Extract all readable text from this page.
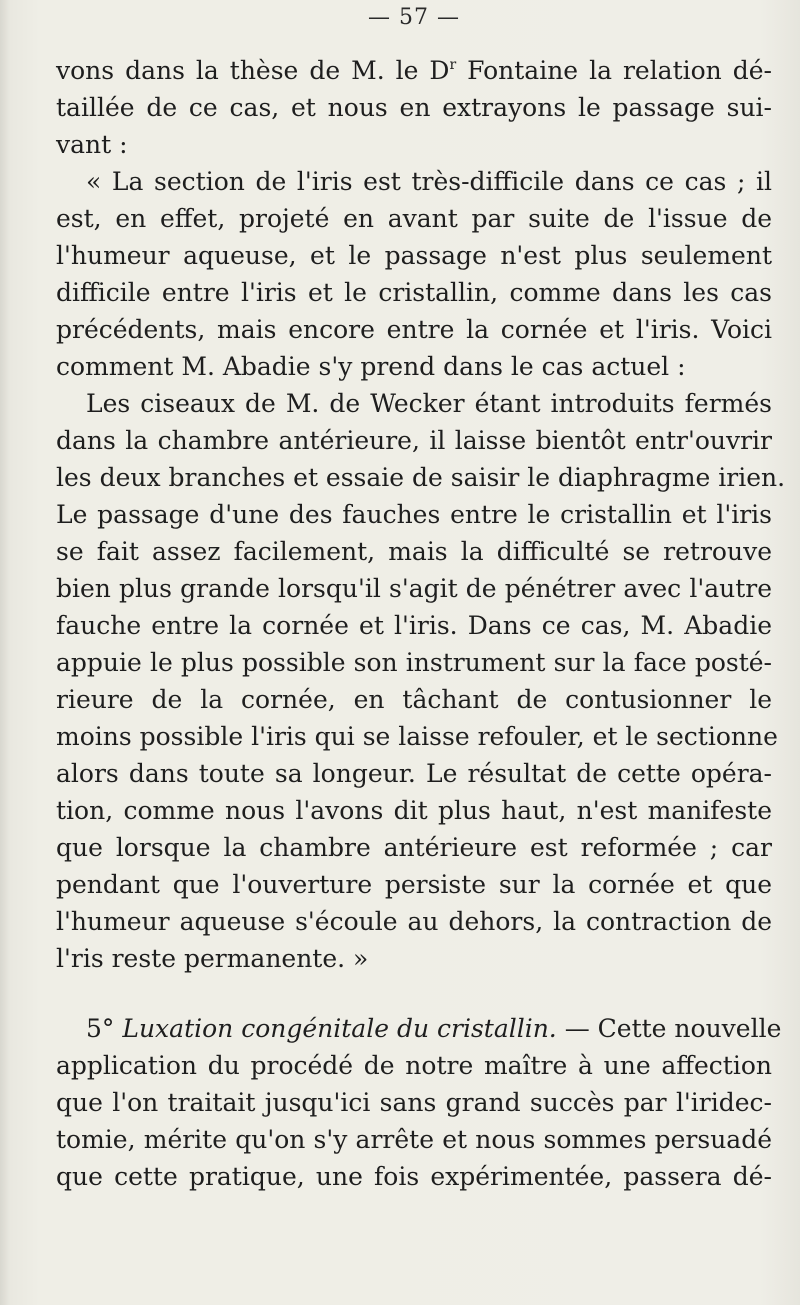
— 57 —
vons dans la thèse de M. le $D^r$ Fontaine la relation dé-
taillée de ce cas, et nous en extrayons le passage sui-
vant :
« La section de l'iris est très-difficile dans ce cas ; il
est, en effet, projeté en avant par suite de l'issue de
l'humeur aqueuse, et le passage n'est plus seulement
difficile entre l'iris et le cristallin, comme dans les cas
précédents, mais encore entre la cornée et l'iris. Voici
comment M. Abadie s'y prend dans le cas actuel :
Les ciseaux de M. de Wecker étant introduits fermés
dans la chambre antérieure, il laisse bientôt entr'ouvrir
les deux branches et essaie de saisir le diaphragme irien.
Le passage d'une des fauches entre le cristallin et l'iris
se fait assez facilement, mais la difficulté se retrouve
bien plus grande lorsqu'il s'agit de pénétrer avec l'autre
fauche entre la cornée et l'iris. Dans ce cas, M. Abadie
appuie le plus possible son instrument sur la face posté-
rieure de la cornée, en tâchant de contusionner le
moins possible l'iris qui se laisse refouler, et le sectionne
alors dans toute sa longeur. Le résultat de cette opéra-
tion, comme nous l'avons dit plus haut, n'est manifeste
que lorsque la chambre antérieure est reformée ; car
pendant que l'ouverture persiste sur la cornée et que
l'humeur aqueuse s'écoule au dehors, la contraction de
l'ris reste permanente. »
5° Luxation congénitale du cristallin. — Cette nouvelle
application du procédé de notre maître à une affection
que l'on traitait jusqu'ici sans grand succès par l'iridec-
tomie, mérite qu'on s'y arrête et nous sommes persuadé
que cette pratique, une fois expérimentée, passera dé-
